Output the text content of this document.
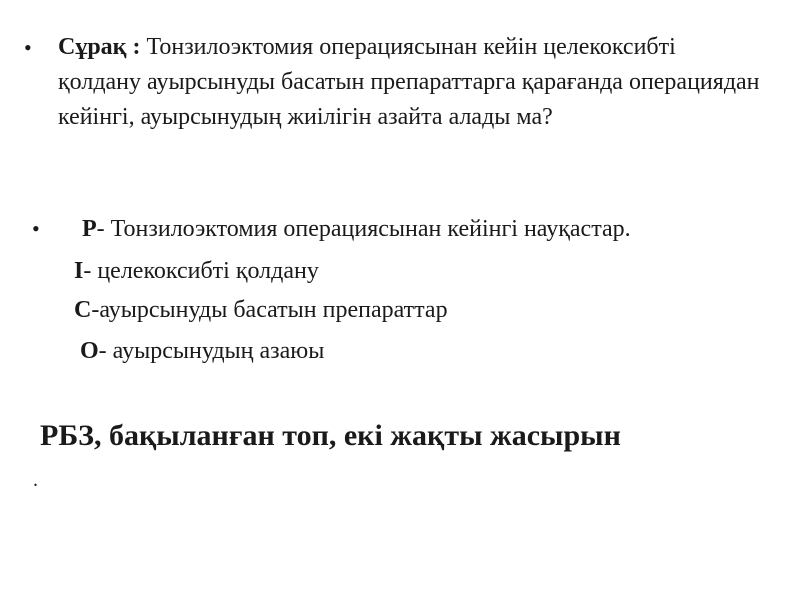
•	Сұрақ : Тонзилоэктомия операциясынан кейін целекоксибті қолдану ауырсынуды басатын препараттарга қарағанда операциядан кейінгі, ауырсынудың жиілігін азайта алады ма?
• Р- Тонзилоэктомия операциясынан кейінгі науқастар.
І- целекоксибті қолдану
С-ауырсынуды басатын препараттар
О- ауырсынудың азаюы
РБЗ, бақыланған топ, екі жақты жасырын
.
